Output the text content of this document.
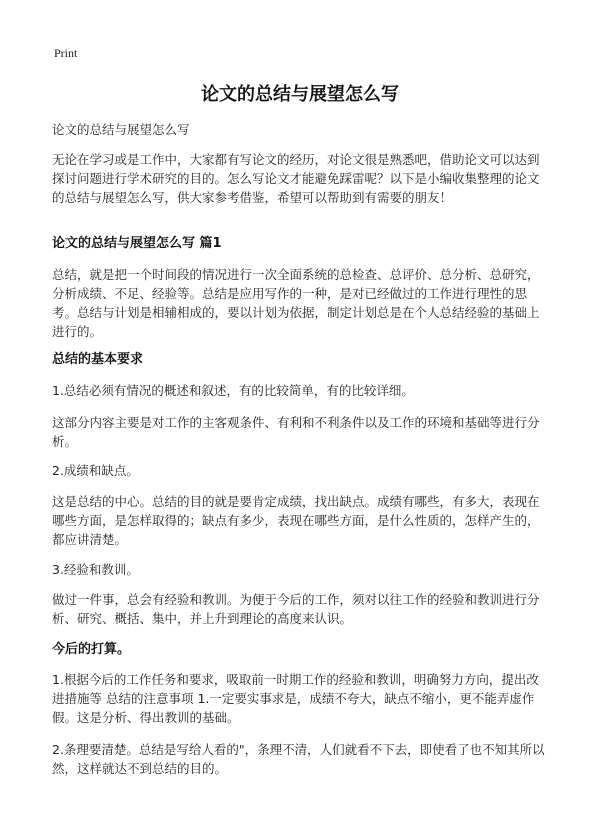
Print
论文的总结与展望怎么写

论文的总结与展望怎么写

无论在学习或是工作中，大家都有写论文的经历，对论文很是熟悉吧，借助论文可以达到探讨问题进行学术研究的目的。怎么写论文才能避免踩雷呢？以下是小编收集整理的论文的总结与展望怎么写，供大家参考借鉴，希望可以帮助到有需要的朋友！

论文的总结与展望怎么写 篇1

总结，就是把一个时间段的情况进行一次全面系统的总检查、总评价、总分析、总研究，分析成绩、不足、经验等。总结是应用写作的一种，是对已经做过的工作进行理性的思考。总结与计划是相辅相成的，要以计划为依据，制定计划总是在个人总结经验的基础上进行的。

总结的基本要求

1.总结必须有情况的概述和叙述，有的比较简单，有的比较详细。

这部分内容主要是对工作的主客观条件、有利和不利条件以及工作的环境和基础等进行分析。

2.成绩和缺点。

这是总结的中心。总结的目的就是要肯定成绩，找出缺点。成绩有哪些，有多大，表现在哪些方面，是怎样取得的；缺点有多少，表现在哪些方面，是什么性质的，怎样产生的，都应讲清楚。

3.经验和教训。

做过一件事，总会有经验和教训。为便于今后的工作，须对以往工作的经验和教训进行分析、研究、概括、集中，并上升到理论的高度来认识。

今后的打算。

1.根据今后的工作任务和要求，吸取前一时期工作的经验和教训，明确努力方向，提出改进措施等 总结的注意事项 1.一定要实事求是，成绩不夸大，缺点不缩小，更不能弄虚作假。这是分析、得出教训的基础。

2.条理要清楚。总结是写给人看的"，条理不清，人们就看不下去，即使看了也不知其所以然，这样就达不到总结的目的。
